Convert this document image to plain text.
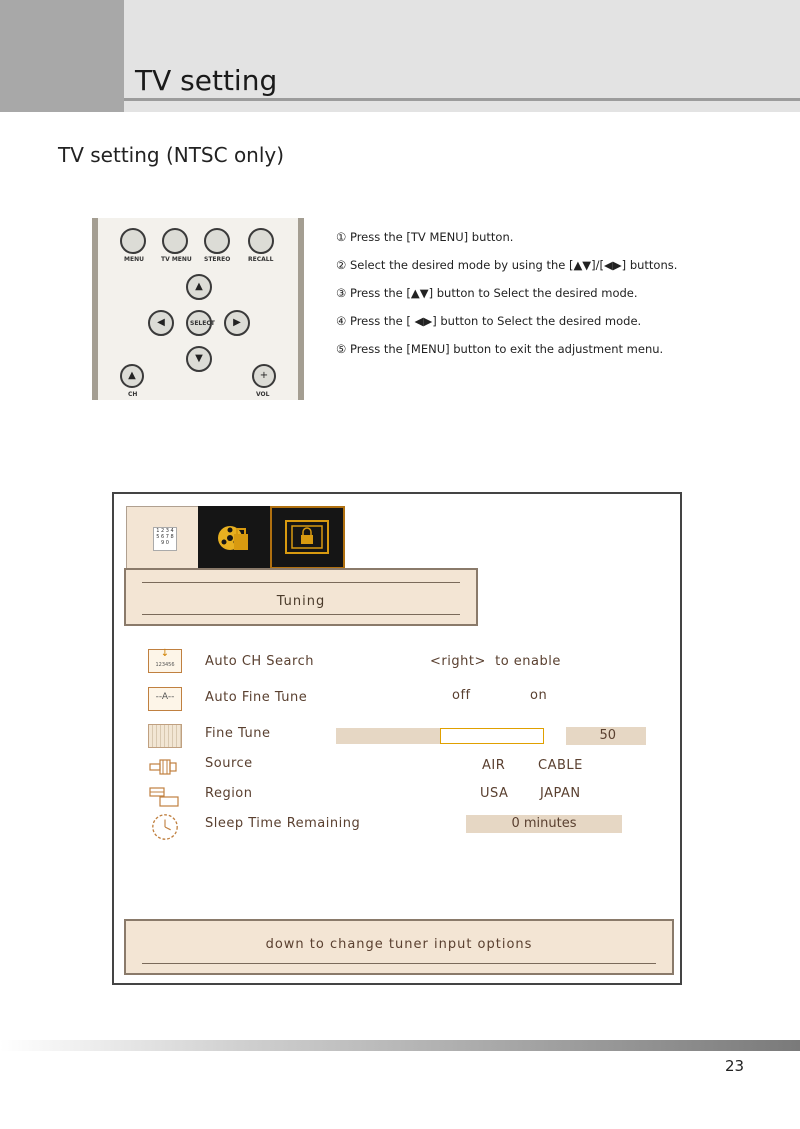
TV setting
TV setting (NTSC only)
MENU	TV MENU STEREO	RECALL
▲
◀	SELECT	▶
▼
▲
CH
+
VOL
① Press the [TV MENU] button.
② Select the desired mode by using the [▲▼]/[◀▶] buttons.
③ Press the [▲▼] button to Select the desired mode.
④ Press the [ ◀▶] button to Select the desired mode.
⑤ Press the [MENU] button to exit the adjustment menu.
1 2 3 4 5 6 7 8 9 0
Tuning
↓
123456	Auto CH Search	<right>  to enable
--A--	Auto Fine Tune	off	on
Fine Tune	50
Source	AIR	CABLE
Region	USA JAPAN
Sleep Time Remaining	0 minutes
down to change tuner input options
23
